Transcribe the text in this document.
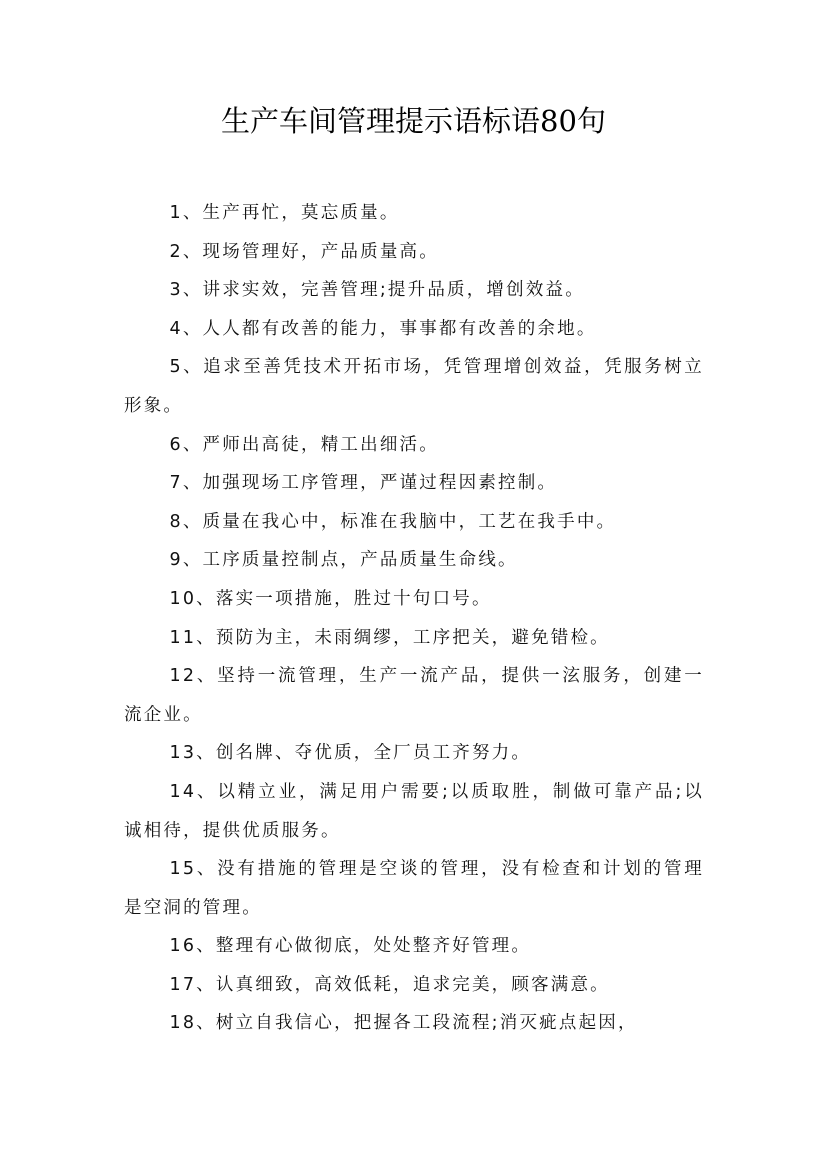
生产车间管理提示语标语80句

1、生产再忙，莫忘质量。

2、现场管理好，产品质量高。

3、讲求实效，完善管理;提升品质，增创效益。

4、人人都有改善的能力，事事都有改善的余地。

5、追求至善凭技术开拓市场，凭管理增创效益，凭服务树立形象。

6、严师出高徒，精工出细活。

7、加强现场工序管理，严谨过程因素控制。

8、质量在我心中，标准在我脑中，工艺在我手中。

9、工序质量控制点，产品质量生命线。

10、落实一项措施，胜过十句口号。

11、预防为主，未雨绸缪，工序把关，避免错检。

12、坚持一流管理，生产一流产品，提供一泫服务，创建一流企业。

13、创名牌、夺优质，全厂员工齐努力。

14、以精立业，满足用户需要;以质取胜，制做可靠产品;以诚相待，提供优质服务。

15、没有措施的管理是空谈的管理，没有检查和计划的管理是空洞的管理。

16、整理有心做彻底，处处整齐好管理。

17、认真细致，高效低耗，追求完美，顾客满意。

18、树立自我信心，把握各工段流程;消灭疵点起因，
